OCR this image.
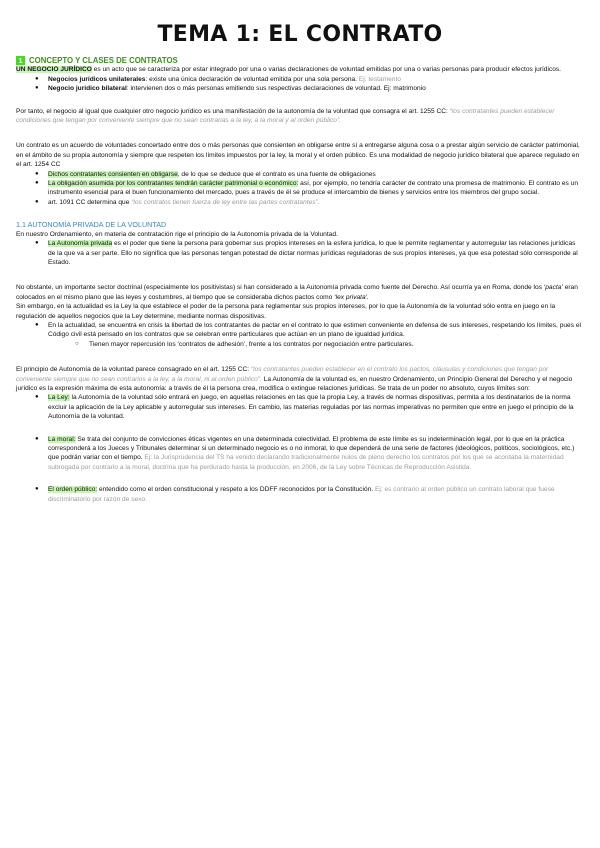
TEMA 1: EL CONTRATO
1 CONCEPTO Y CLASES DE CONTRATOS

UN NEGOCIO JURÍDICO es un acto que se caracteriza por estar integrado por una o varias declaraciones de voluntad emitidas por una o varias personas para producir efectos jurídicos.

● Negocios jurídicos unilaterales: existe una única declaración de voluntad emitida por una sola persona. Ej: testamento
● Negocio jurídico bilateral: intervienen dos o más personas emitiendo sus respectivas declaraciones de voluntad. Ej: matrimonio

Por tanto, el negocio al igual que cualquier otro negocio jurídico es una manifestación de la autonomía de la voluntad que consagra el art. 1255 CC: “los contratantes pueden establecer condiciones que tengan por conveniente siempre que no sean contrarias a la ley, a la moral y al orden público”.

Un contrato es un acuerdo de voluntades concertado entre dos o más personas que consienten en obligarse entre sí a entregarse alguna cosa o a prestar algún servicio de carácter patrimonial, en el ámbito de su propia autonomía y siempre que respeten los límites impuestos por la ley, la moral y el orden público. Es una modalidad de negocio jurídico bilateral que aparece regulado en el art. 1254 CC

● Dichos contratantes consienten en obligarse, de lo que se deduce que el contrato es una fuente de obligaciones
● La obligación asumida por los contratantes tendrán carácter patrimonial o económico: así, por ejemplo, no tendría carácter de contrato una promesa de matrimonio. El contrato es un instrumento esencial para el buen funcionamiento del mercado, pues a través de él se produce el intercambio de bienes y servicios entre los miembros del grupo social.
● art. 1091 CC determina que “los contratos tienen fuerza de ley entre las partes contratantes”.
1.1 AUTONOMÍA PRIVADA DE LA VOLUNTAD

En nuestro Ordenamiento, en materia de contratación rige el principio de la Autonomía privada de la Voluntad.

● La Autonomía privada es el poder que tiene la persona para gobernar sus propios intereses en la esfera jurídica, lo que le permite reglamentar y autorregular las relaciones jurídicas de la que va a ser parte. Ello no significa que las personas tengan potestad de dictar normas jurídicas reguladoras de sus propios intereses, ya que esa potestad sólo corresponde al Estado.

No obstante, un importante sector doctrinal (especialmente los positivistas) si han considerado a la Autonomía privada como fuente del Derecho. Así ocurría ya en Roma, donde los ‘pacta’ eran colocados en el mismo plano que las leyes y costumbres, al tiempo que se consideraba dichos pactos como ‘lex privata’.

Sin embargo, en la actualidad es la Ley la que establece el poder de la persona para reglamentar sus propios intereses, por lo que la Autonomía de la voluntad sólo entra en juego en la regulación de aquellos negocios que la Ley determine, mediante normas dispositivas.

● En la actualidad, se encuentra en crisis la libertad de los contratantes de pactar en el contrato lo que estimen conveniente en defensa de sus intereses, respetando los límites, pues el Código civil está pensado en los contratos que se celebran entre particulares que actúan en un plano de igualdad jurídica.
○ Tienen mayor repercusión los ‘contratos de adhesión’, frente a los contratos por negociación entre particulares.

El principio de Autonomía de la voluntad parece consagrado en el art. 1255 CC: “los contratantes pueden establecer en el contrato los pactos, cláusulas y condiciones que tengan por conveniente siempre que no sean contrarios a la ley, a la moral, ni al orden público”. La Autonomía de la voluntad es, en nuestro Ordenamiento, un Principio General del Derecho y el negocio jurídico es la expresión máxima de esta autonomía: a través de él la persona crea, modifica o extingue relaciones jurídicas. Se trata de un poder no absoluto, cuyos límites son:

● La Ley: la Autonomía de la voluntad sólo entrará en juego, en aquellas relaciones en las que la propia Ley, a través de normas dispositivas, permita a los destinatarios de la norma excluir la aplicación de la Ley aplicable y autorregular sus intereses. En cambio, las materias reguladas por las normas imperativas no permiten que entre en juego el principio de la Autonomía de la voluntad.
● La moral: Se trata del conjunto de convicciones éticas vigentes en una determinada colectividad. El problema de este límite es su indeterminación legal, por lo que en la práctica corresponderá a los Jueces y Tribunales determinar si un determinado negocio es o no inmoral, lo que dependerá de una serie de factores (ideológicos, políticos, sociológicos, etc.) que podrán variar con el tiempo. Ej: la Jurisprudencia del TS ha venido declarando tradicionalmente nulos de pleno derecho los contratos por los que se acordaba la maternidad subrogada por contrario a la moral, doctrina que ha perdurado hasta la producción, en 2006, de la Ley sobre Técnicas de Reproducción Asistida.
● El orden público: entendido como el orden constitucional y respeto a los DDFF reconocidos por la Constitución. Ej: es contrario al orden público un contrato laboral que fuese discriminatorio por razón de sexo.
